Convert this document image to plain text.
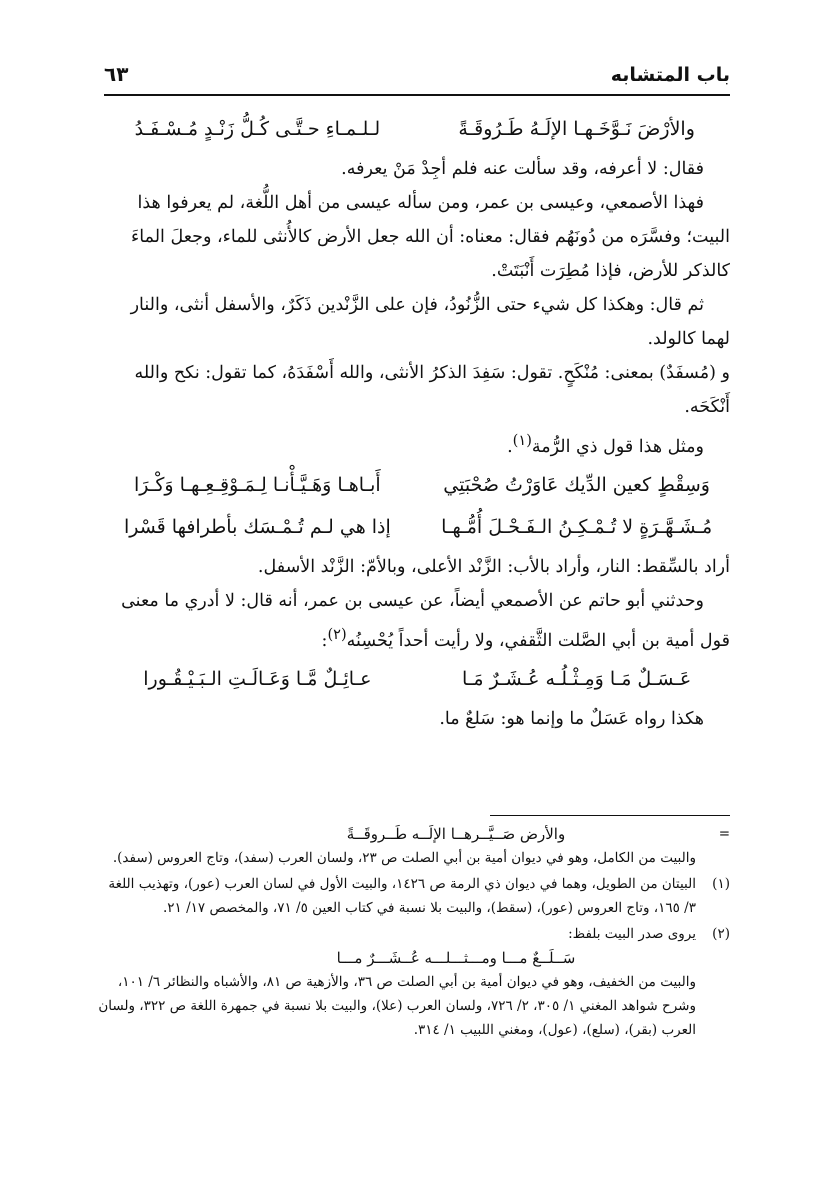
باب المتشابه
٦٣
والأرْضَ نَـوَّخَـهـا الإلَـهُ طَـرُوقَـةً
لـلـمـاءِ حـتَّـى كُـلُّ زَنْـدٍ مُـسْـفَـدُ

فقال: لا أعرفه، وقد سألت عنه فلم أجِدْ مَنْ يعرفه.

فهذا الأصمعي، وعيسى بن عمر، ومن سأله عيسى من أهل اللُّغة، لم يعرفوا هذا البيت؛ وفسَّرَه من دُونَهُم فقال: معناه: أن الله جعل الأرض كالأُنثى للماء، وجعلَ الماءَ كالذكر للأرض، فإذا مُطِرَت أَنْبَتَتْ.

ثم قال: وهكذا كل شيء حتى الزُّنُودُ، فإن على الزَّنْدين ذَكَرٌ، والأسفل أنثى، والنار لهما كالولد.

و (مُسفَدٌ) بمعنى: مُنْكَحٍ. تقول: سَفِدَ الذكرُ الأنثى، والله أَسْفَدَهُ، كما تقول: نكح والله أَنْكَحَه.

ومثل هذا قول ذي الرُّمة$^{(١)}$.

وَسِقْطٍ كعين الدِّيك عَاوَرْتُ صُحْبَتِي
أَبـاهـا وَهَـيَّـأْنـا لِـمَـوْقِـعِـهـا وَكْـرَا
مُـشَـهَّـرَةٍ لا تُـمْـكِـنُ الـفَـحْـلَ أُمُّـهـا
إذا هي لـم تُـمْـسَك بأطرافها قَسْرا

أراد بالسِّقط: النار، وأراد بالأب: الزَّنْد الأعلى، وبالأمّ: الزَّنْد الأسفل.

وحدثني أبو حاتم عن الأصمعي أيضاً، عن عيسى بن عمر، أنه قال: لا أدري ما معنى قول أمية بن أبي الصَّلت الثَّقفي، ولا رأيت أحداً يُحْسِنُه$^{(٢)}$:

عَـسَـلٌ مَـا وَمِـثْـلُـه عُـشَـرٌ مَـا
عـائِـلٌ مَّـا وَعَـالَـتِ الـبَـيْـقُـورا

هكذا رواه عَسَلٌ ما وإنما هو: سَلعٌ ما.

=
والأرض صَــيَّــرهــا الإلَــه طَــروقَــةً
والبيت من الكامل، وهو في ديوان أمية بن أبي الصلت ص ٢٣، ولسان العرب (سفد)، وتاج العروس (سفد).
(١)
البيتان من الطويل، وهما في ديوان ذي الرمة ص ١٤٢٦، والبيت الأول في لسان العرب (عور)، وتهذيب اللغة ٣/ ١٦٥، وتاج العروس (عور)، (سقط)، والبيت بلا نسبة في كتاب العين ٥/ ٧١، والمخصص ١٧/ ٢١.
(٢)
يروى صدر البيت بلفظ:
سَــلَــعٌ مـــا ومـــثـــلـــه عُــشَـــرٌ مـــا
والبيت من الخفيف، وهو في ديوان أمية بن أبي الصلت ص ٣٦، والأزهية ص ٨١، والأشباه والنظائر ٦/ ١٠١، وشرح شواهد المغني ١/ ٣٠٥، ٢/ ٧٢٦، ولسان العرب (علا)، والبيت بلا نسبة في جمهرة اللغة ص ٣٢٢، ولسان العرب (بقر)، (سلع)، (عول)، ومغني اللبيب ١/ ٣١٤.
